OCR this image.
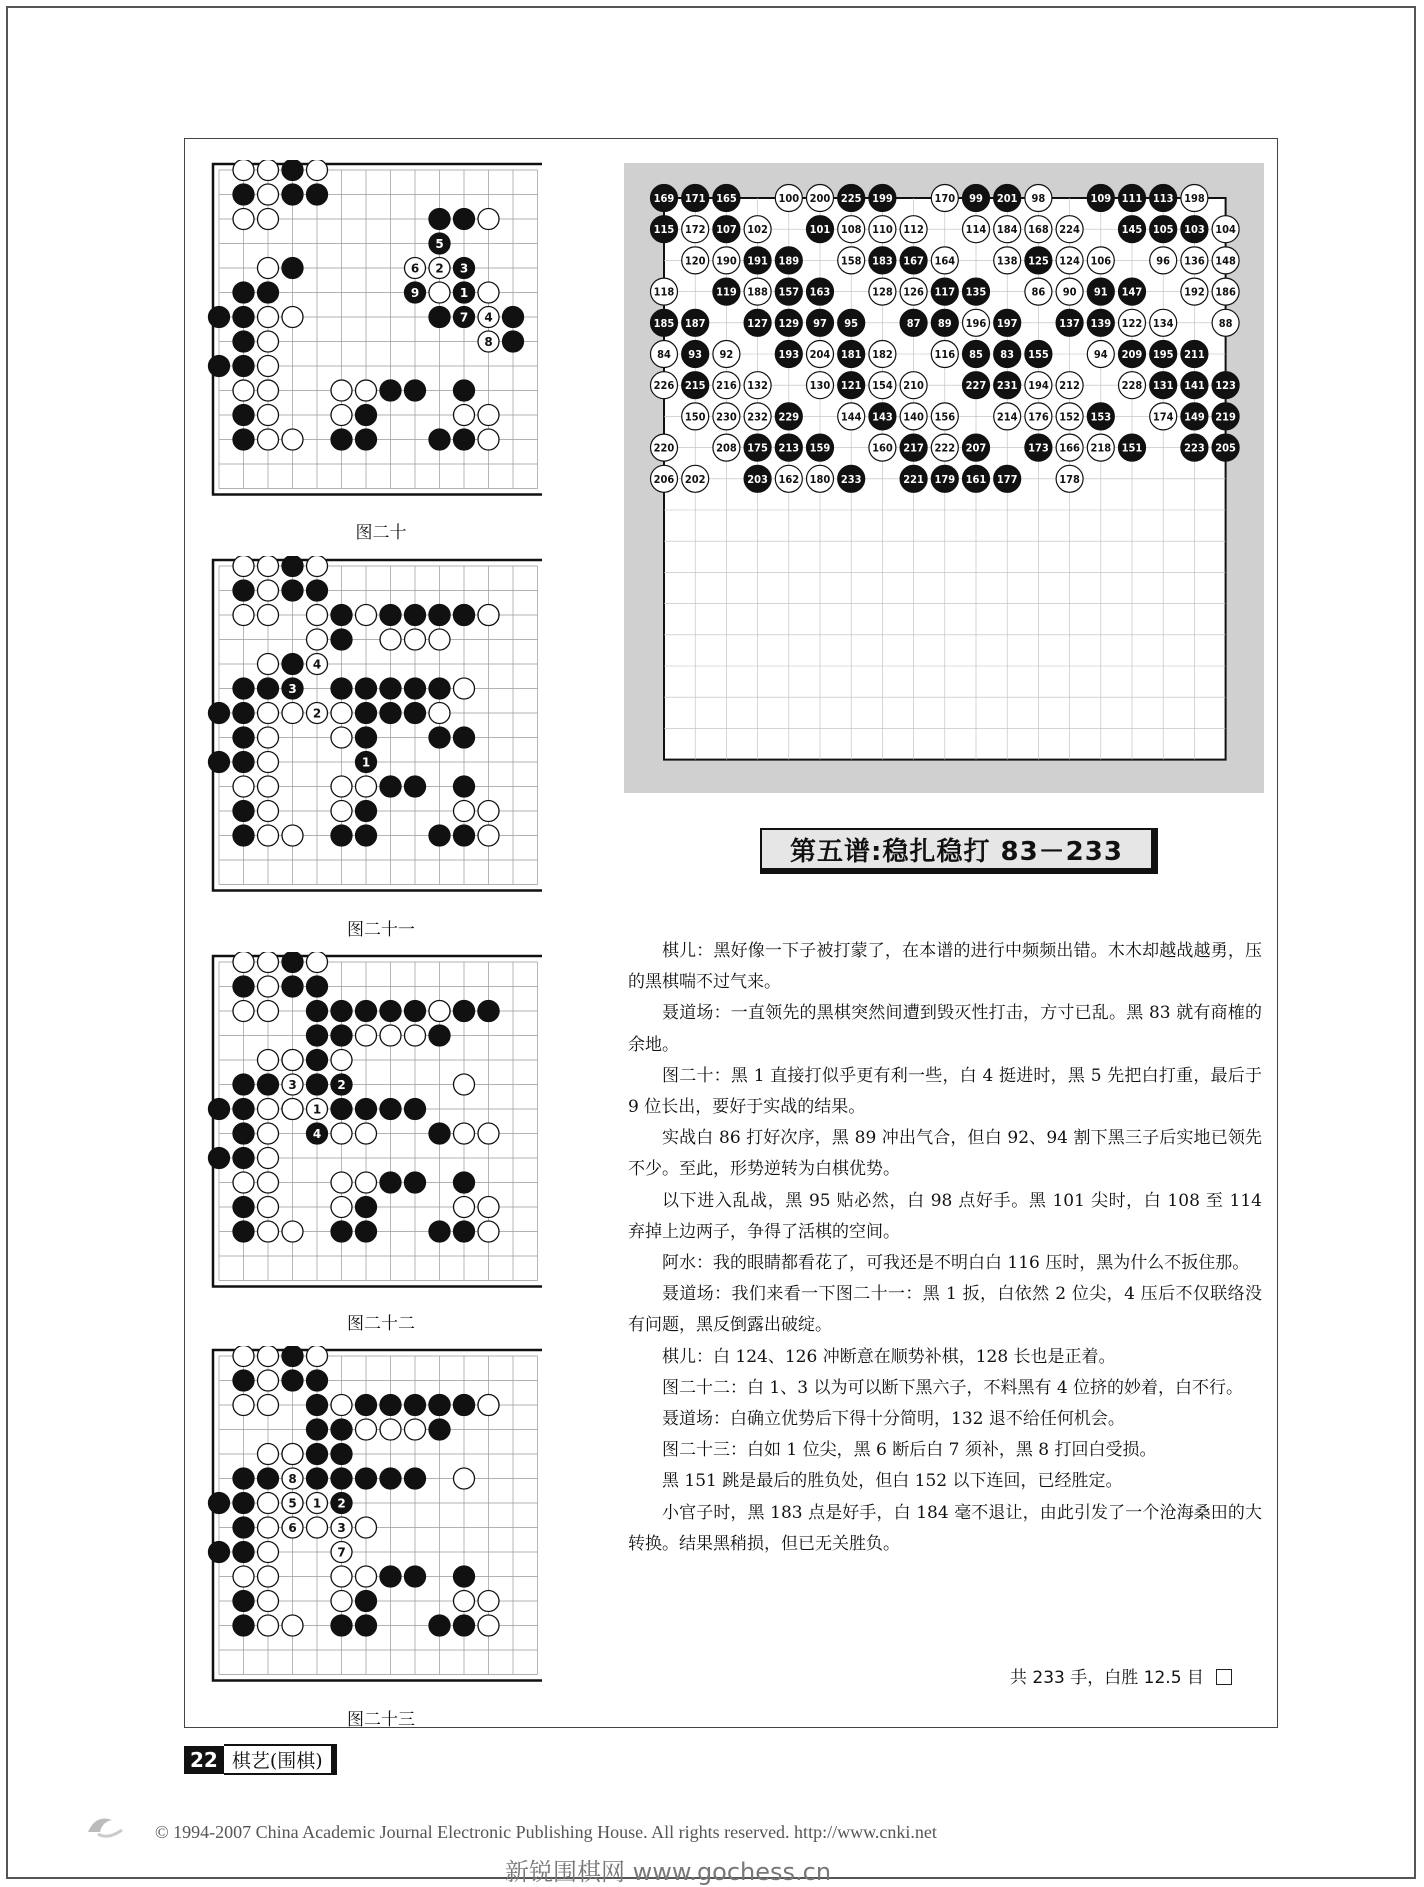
6 2 3
5
9	1
7 4
8
图二十
4
3
2
1
图二十一
3	2
1
4
图二十二
8
5 1 2
6	3
7
图二十三
169 171 165	100 200 225 199	170 99 201 98	109 111 113 198
115 172 107 102	101 108 110 112	114 184 168 224	145 105 103 104
120 190 191 189	158 183 167 164	138 125 124 106	96 136 148
118	119 188 157 163	128 126 117 135	86 90 91 147	192 186
185 187	127 129 97 95	87 89 196 197	137 139 122 134	88
84 93 92	193 204 181 182	116 85 83 155	94 209 195 211
226 215 216 132	130 121 154 210	227 231 194 212	228 131 141 123
150 230 232 229	144 143 140 156	214 176 152 153	174 149 219
220	208 175 213 159	160 217 222 207	173 166 218 151	223 205
206 202	203 162 180 233	221 179 161 177	178
第五谱:稳扎稳打 83－233

棋儿：黑好像一下子被打蒙了，在本谱的进行中频频出错。木木却越战越勇，压的黑棋喘不过气来。

聂道场：一直领先的黑棋突然间遭到毁灭性打击，方寸已乱。黑 83 就有商榷的余地。

图二十：黑 1 直接打似乎更有利一些，白 4 挺进时，黑 5 先把白打重，最后于 9 位长出，要好于实战的结果。

实战白 86 打好次序，黑 89 冲出气合，但白 92、94 割下黑三子后实地已领先不少。至此，形势逆转为白棋优势。

以下进入乱战，黑 95 贴必然，白 98 点好手。黑 101 尖时，白 108 至 114 弃掉上边两子，争得了活棋的空间。

阿水：我的眼睛都看花了，可我还是不明白白 116 压时，黑为什么不扳住那。

聂道场：我们来看一下图二十一：黑 1 扳，白依然 2 位尖，4 压后不仅联络没有问题，黑反倒露出破绽。

棋儿：白 124、126 冲断意在顺势补棋，128 长也是正着。

图二十二：白 1、3 以为可以断下黑六子，不料黑有 4 位挤的妙着，白不行。

聂道场：白确立优势后下得十分简明，132 退不给任何机会。

图二十三：白如 1 位尖，黑 6 断后白 7 须补，黑 8 打回白受损。

黑 151 跳是最后的胜负处，但白 152 以下连回，已经胜定。

小官子时，黑 183 点是好手，白 184 毫不退让，由此引发了一个沧海桑田的大转换。结果黑稍损，但已无关胜负。

共 233 手，白胜 12.5 目
22 棋艺(围棋)
© 1994-2007 China Academic Journal Electronic Publishing House. All rights reserved. http://www.cnki.net
新锐围棋网 www.gochess.cn
